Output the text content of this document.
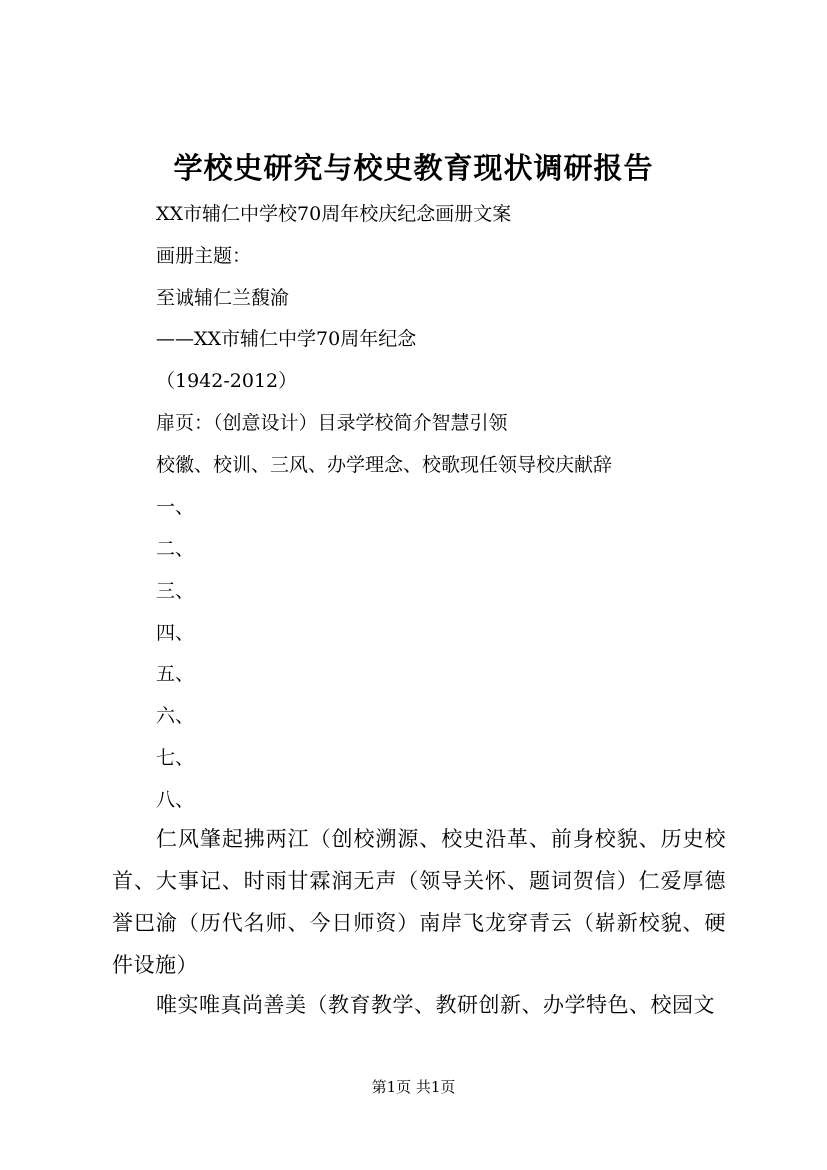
学校史研究与校史教育现状调研报告
XX市辅仁中学校70周年校庆纪念画册文案
画册主题：
至诚辅仁兰馥渝
——XX市辅仁中学70周年纪念
（1942-2012）
扉页：（创意设计）目录学校简介智慧引领
校徽、校训、三风、办学理念、校歌现任领导校庆献辞
一、
二、
三、
四、
五、
六、
七、
八、
仁风肇起拂两江（创校溯源、校史沿革、前身校貌、历史校首、大事记、时雨甘霖润无声（领导关怀、题词贺信）仁爱厚德誉巴渝（历代名师、今日师资）南岸飞龙穿青云（崭新校貌、硬件设施）
唯实唯真尚善美（教育教学、教研创新、办学特色、校园文
第1页 共1页
